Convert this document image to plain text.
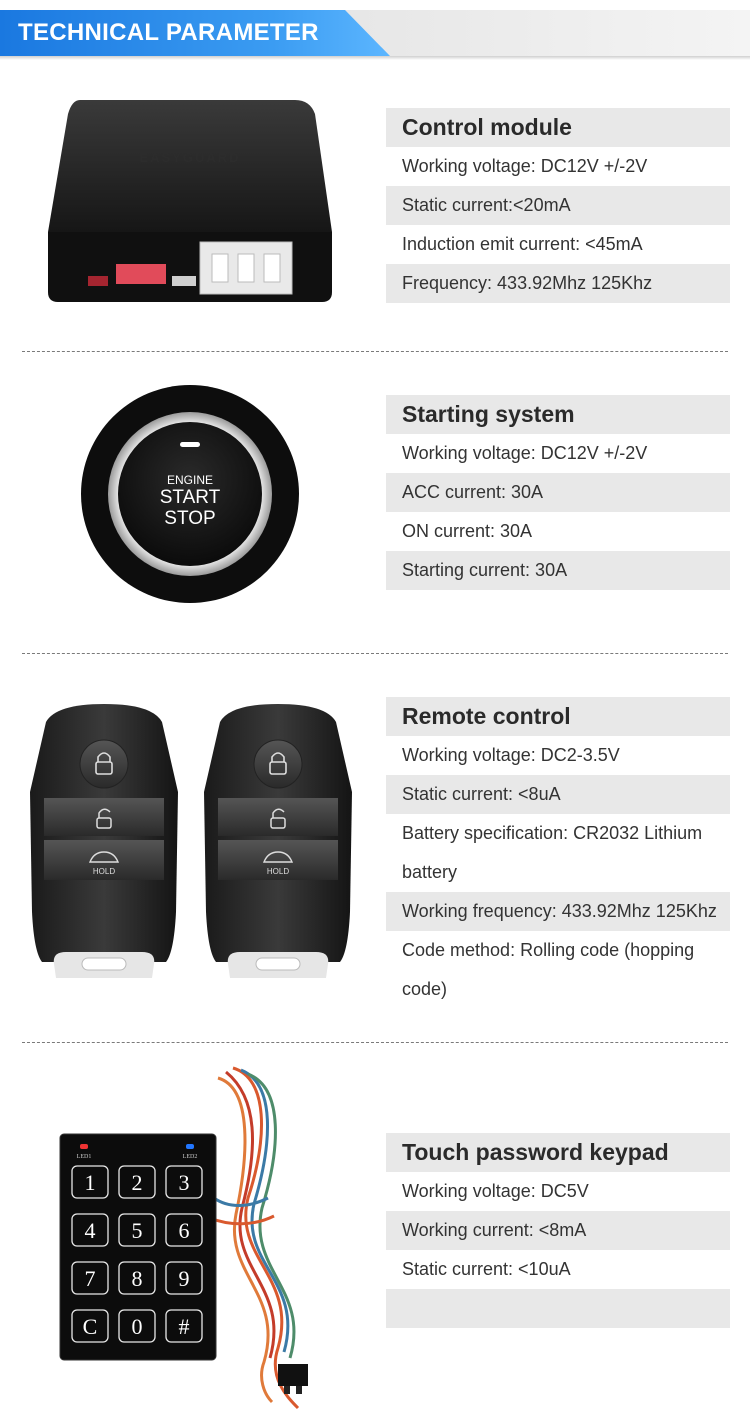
TECHNICAL PARAMETER
EASYGUARD
Control module
Working voltage: DC12V +/-2V
Static current:<20mA
Induction emit current: <45mA
Frequency: 433.92Mhz 125Khz
ENGINE
START
STOP
Starting system
Working voltage: DC12V +/-2V
ACC current: 30A
ON current: 30A
Starting current: 30A
HOLD	HOLD
Remote control
Working voltage: DC2-3.5V
Static current: <8uA
Battery specification: CR2032 Lithium battery
Working frequency: 433.92Mhz 125Khz
Code method: Rolling code (hopping code)
LED1	LED2
1 2 3
4 5 6
7 8 9
C 0 #
Touch password keypad
Working voltage: DC5V
Working current: <8mA
Static current: <10uA
